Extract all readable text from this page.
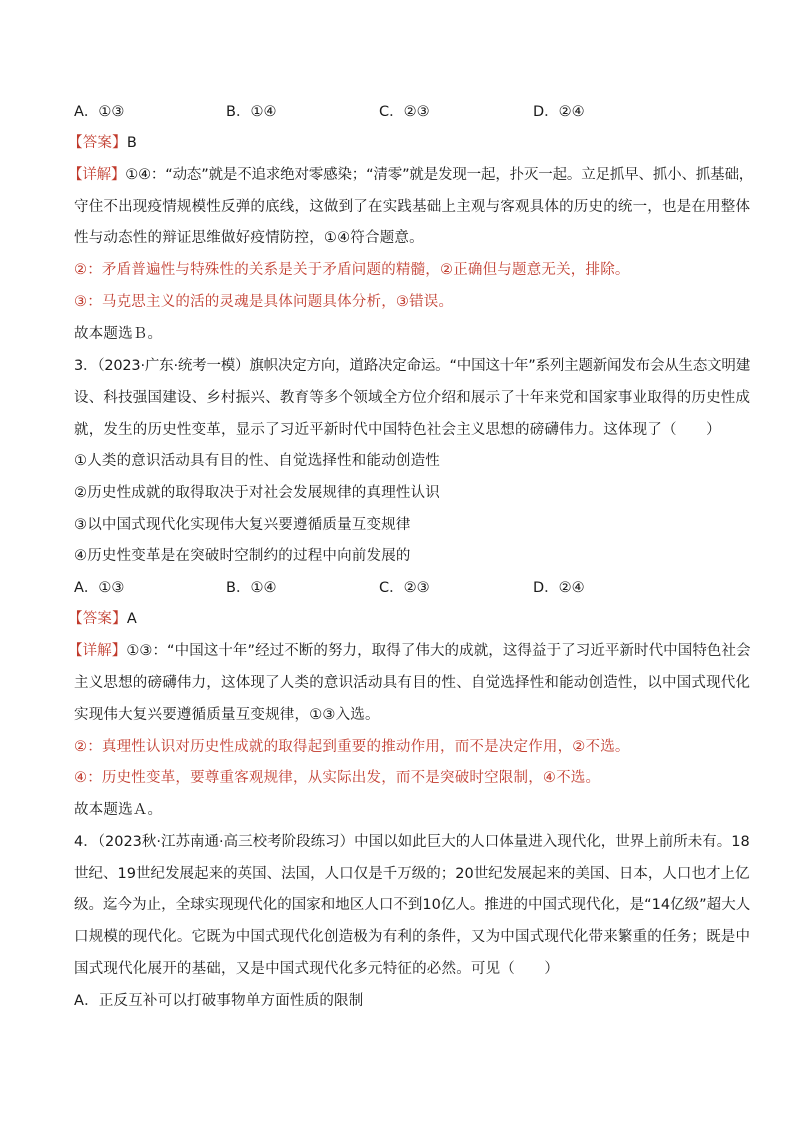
A．①③	B．①④	C．②③	D．②④
【答案】B
【详解】①④：“动态”就是不追求绝对零感染；“清零”就是发现一起，扑灭一起。立足抓早、抓小、抓基础，
守住不出现疫情规模性反弹的底线，这做到了在实践基础上主观与客观具体的历史的统一，也是在用整体
性与动态性的辩证思维做好疫情防控，①④符合题意。
②：矛盾普遍性与特殊性的关系是关于矛盾问题的精髓，②正确但与题意无关，排除。
③：马克思主义的活的灵魂是具体问题具体分析，③错误。
故本题选Ｂ。
3．（2023·广东·统考一模）旗帜决定方向，道路决定命运。“中国这十年”系列主题新闻发布会从生态文明建
设、科技强国建设、乡村振兴、教育等多个领域全方位介绍和展示了十年来党和国家事业取得的历史性成
就，发生的历史性变革，显示了习近平新时代中国特色社会主义思想的磅礴伟力。这体现了（　　）
①人类的意识活动具有目的性、自觉选择性和能动创造性
②历史性成就的取得取决于对社会发展规律的真理性认识
③以中国式现代化实现伟大复兴要遵循质量互变规律
④历史性变革是在突破时空制约的过程中向前发展的
A．①③	B．①④	C．②③	D．②④
【答案】A
【详解】①③：“中国这十年”经过不断的努力，取得了伟大的成就，这得益于了习近平新时代中国特色社会
主义思想的磅礴伟力，这体现了人类的意识活动具有目的性、自觉选择性和能动创造性，以中国式现代化
实现伟大复兴要遵循质量互变规律，①③入选。
②：真理性认识对历史性成就的取得起到重要的推动作用，而不是决定作用，②不选。
④：历史性变革，要尊重客观规律，从实际出发，而不是突破时空限制，④不选。
故本题选Ａ。
4．（2023秋·江苏南通·高三校考阶段练习）中国以如此巨大的人口体量进入现代化，世界上前所未有。18
世纪、19世纪发展起来的英国、法国，人口仅是千万级的；20世纪发展起来的美国、日本，人口也才上亿
级。迄今为止，全球实现现代化的国家和地区人口不到10亿人。推进的中国式现代化，是“14亿级”超大人
口规模的现代化。它既为中国式现代化创造极为有利的条件，又为中国式现代化带来繁重的任务；既是中
国式现代化展开的基础，又是中国式现代化多元特征的必然。可见（　　）
A．正反互补可以打破事物单方面性质的限制
